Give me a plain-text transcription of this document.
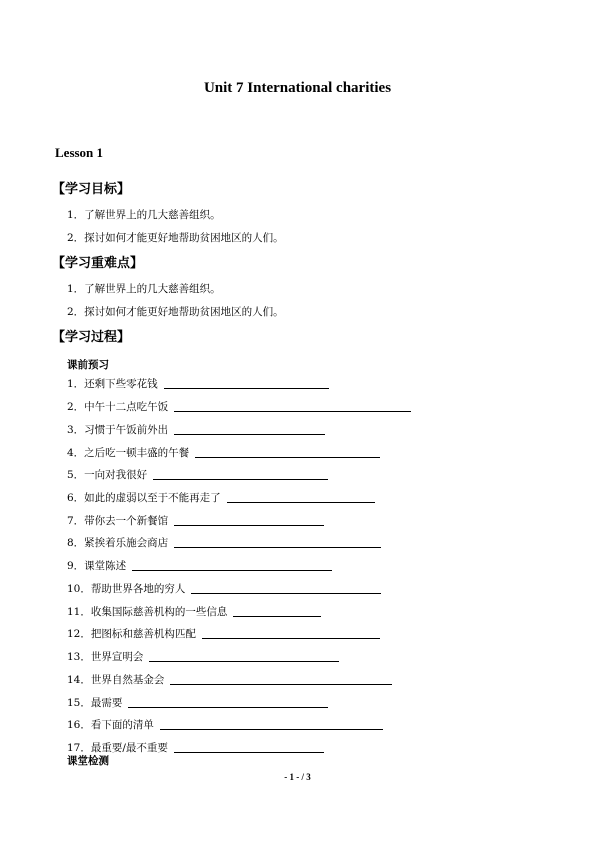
Unit 7 International charities
Lesson 1
【学习目标】
1．了解世界上的几大慈善组织。
2．探讨如何才能更好地帮助贫困地区的人们。
【学习重难点】
1．了解世界上的几大慈善组织。
2．探讨如何才能更好地帮助贫困地区的人们。
【学习过程】
课前预习
1．还剩下些零花钱
2．中午十二点吃午饭
3．习惯于午饭前外出
4．之后吃一顿丰盛的午餐
5．一向对我很好
6．如此的虚弱以至于不能再走了
7．带你去一个新餐馆
8．紧挨着乐施会商店
9．课堂陈述
10．帮助世界各地的穷人
11．收集国际慈善机构的一些信息
12．把图标和慈善机构匹配
13．世界宣明会
14．世界自然基金会
15．最需要
16．看下面的清单
17．最重要/最不重要
课堂检测
- 1 - / 3
